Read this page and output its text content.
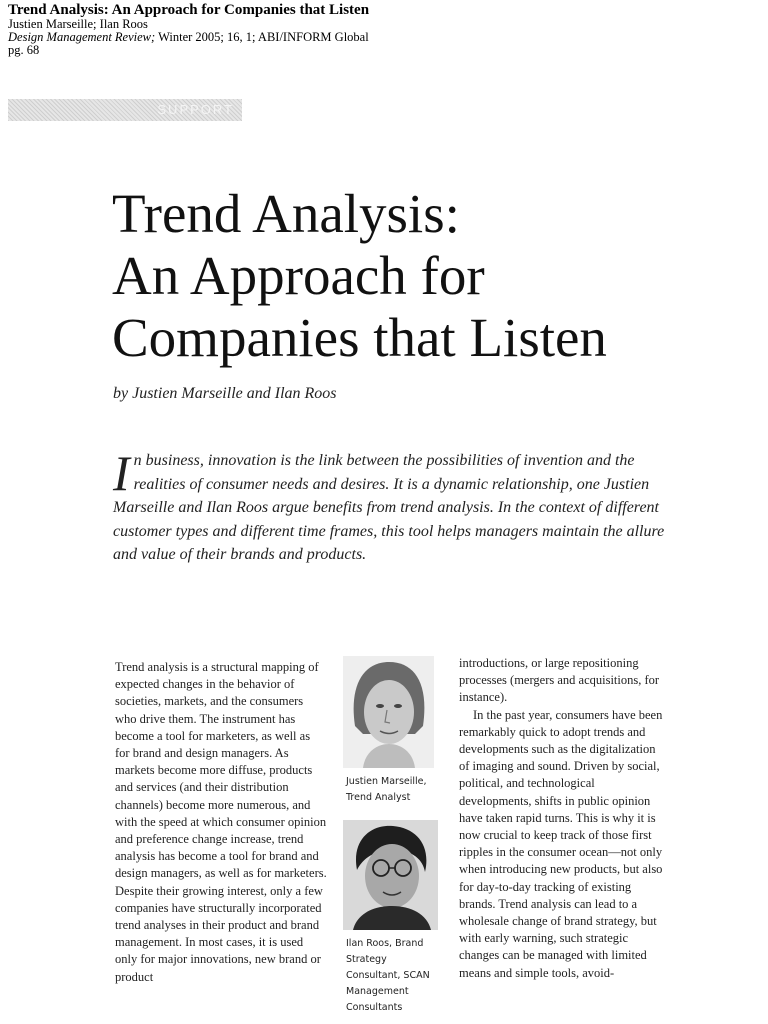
Trend Analysis: An Approach for Companies that Listen
Justien Marseille; Ilan Roos
Design Management Review; Winter 2005; 16, 1; ABI/INFORM Global
pg. 68
SUPPORT
Trend Analysis:
An Approach for
Companies that Listen
by Justien Marseille and Ilan Roos
I n business, innovation is the link between the possibilities of invention and the realities of consumer needs and desires. It is a dynamic relationship, one Justien Marseille and Ilan Roos argue benefits from trend analysis. In the context of different customer types and different time frames, this tool helps managers maintain the allure and value of their brands and products.

Trend analysis is a structural mapping of expected changes in the behavior of societies, markets, and the consumers who drive them. The instrument has become a tool for marketers, as well as for brand and design managers. As markets become more diffuse, products and services (and their distribution channels) become more numerous, and with the speed at which consumer opinion and preference change increase, trend analysis has become a tool for brand and design managers, as well as for marketers. Despite their growing interest, only a few companies have structurally incorporated trend analyses in their product and brand management. In most cases, it is used only for major innovations, new brand or product

Justien Marseille,
Trend Analyst
Ilan Roos, Brand Strategy
Consultant, SCAN
Management Consultants

introductions, or large repositioning processes (mergers and acquisitions, for instance).

In the past year, consumers have been remarkably quick to adopt trends and developments such as the digitalization of imaging and sound. Driven by social, political, and technological developments, shifts in public opinion have taken rapid turns. This is why it is now crucial to keep track of those first ripples in the consumer ocean—not only when introducing new products, but also for day-to-day tracking of existing brands. Trend analysis can lead to a wholesale change of brand strategy, but with early warning, such strategic changes can be managed with limited means and simple tools, avoid-
